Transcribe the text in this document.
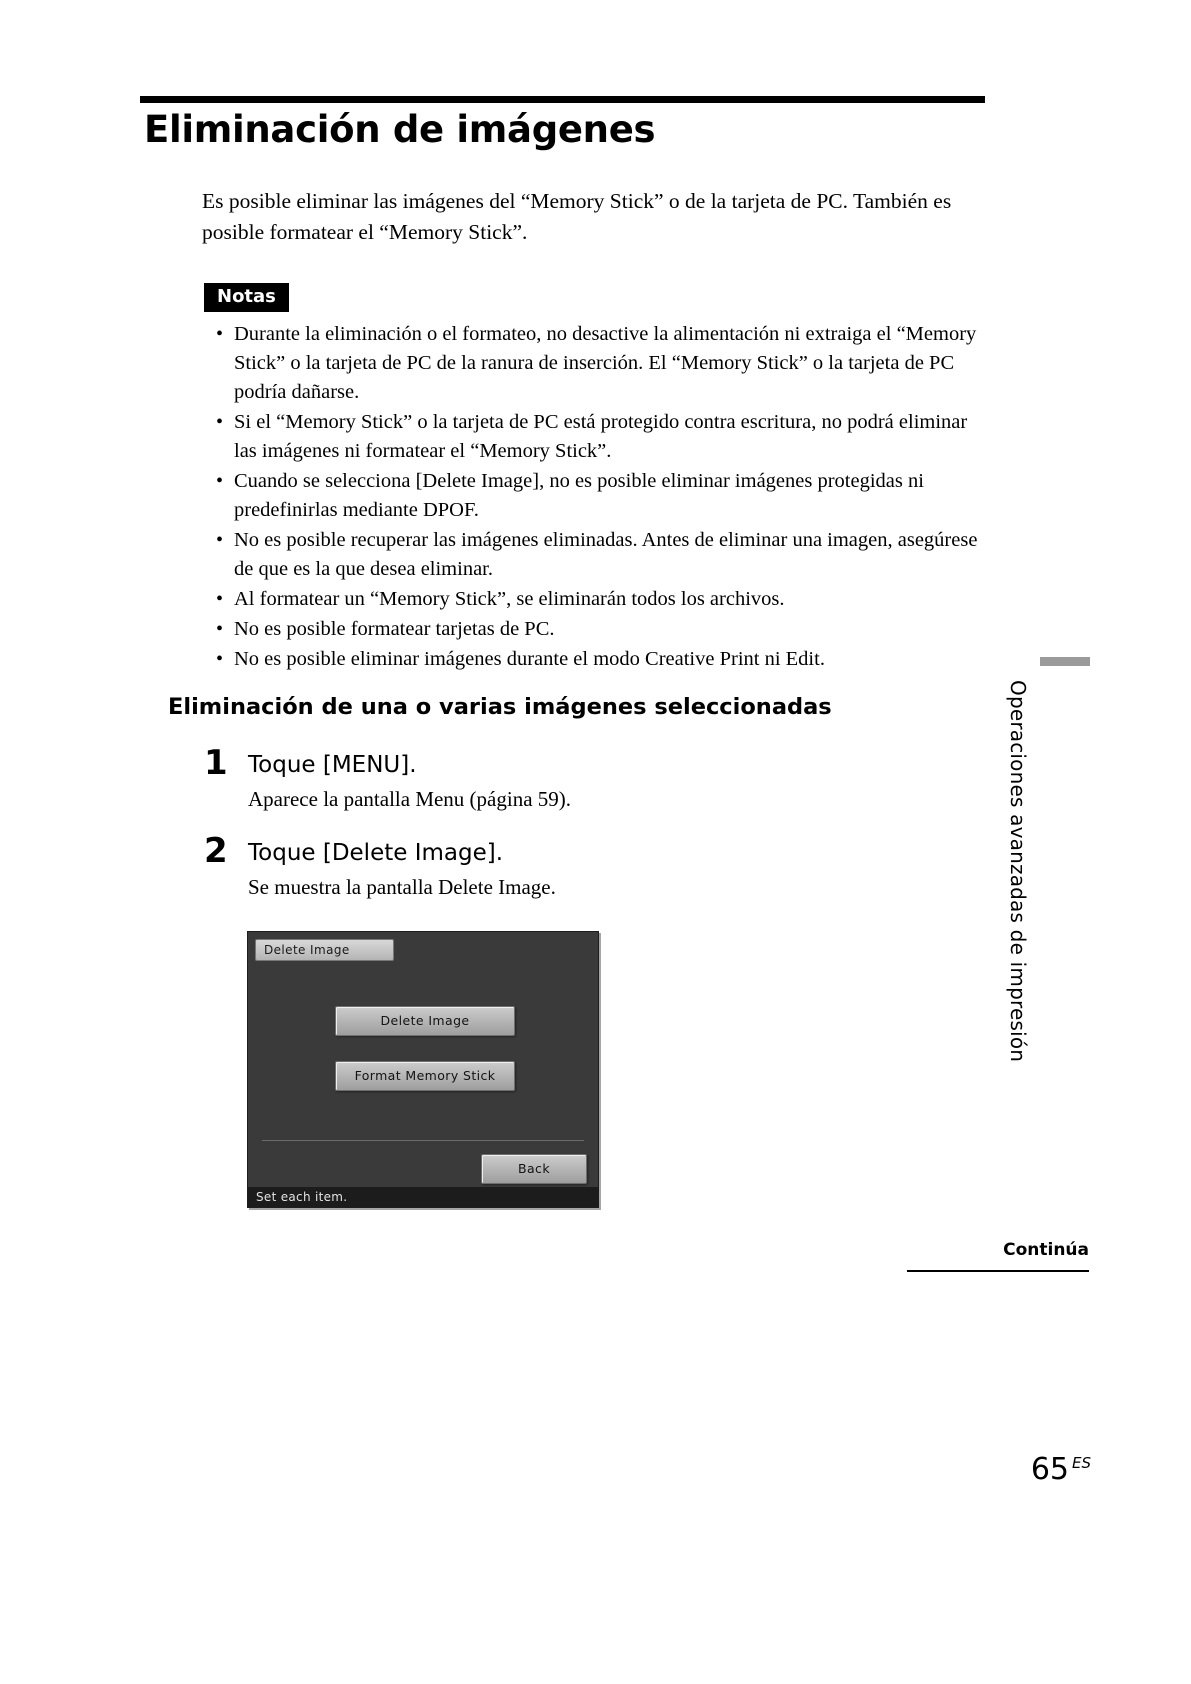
Eliminación de imágenes
Es posible eliminar las imágenes del “Memory Stick” o de la tarjeta de PC. También es posible formatear el “Memory Stick”.
Notas
• Durante la eliminación o el formateo, no desactive la alimentación ni extraiga el “Memory Stick” o la tarjeta de PC de la ranura de inserción. El “Memory Stick” o la tarjeta de PC podría dañarse.
• Si el “Memory Stick” o la tarjeta de PC está protegido contra escritura, no podrá eliminar las imágenes ni formatear el “Memory Stick”.
• Cuando se selecciona [Delete Image], no es posible eliminar imágenes protegidas ni predefinirlas mediante DPOF.
• No es posible recuperar las imágenes eliminadas. Antes de eliminar una imagen, asegúrese de que es la que desea eliminar.
• Al formatear un “Memory Stick”, se eliminarán todos los archivos.
• No es posible formatear tarjetas de PC.
• No es posible eliminar imágenes durante el modo Creative Print ni Edit.
Eliminación de una o varias imágenes seleccionadas
1 Toque [MENU].
Aparece la pantalla Menu (página 59).
2 Toque [Delete Image].
Se muestra la pantalla Delete Image.
Delete Image
Delete Image
Format Memory Stick
Back
Set each item.
Operaciones avanzadas de impresión
Continúa
65 $^{ES}$
